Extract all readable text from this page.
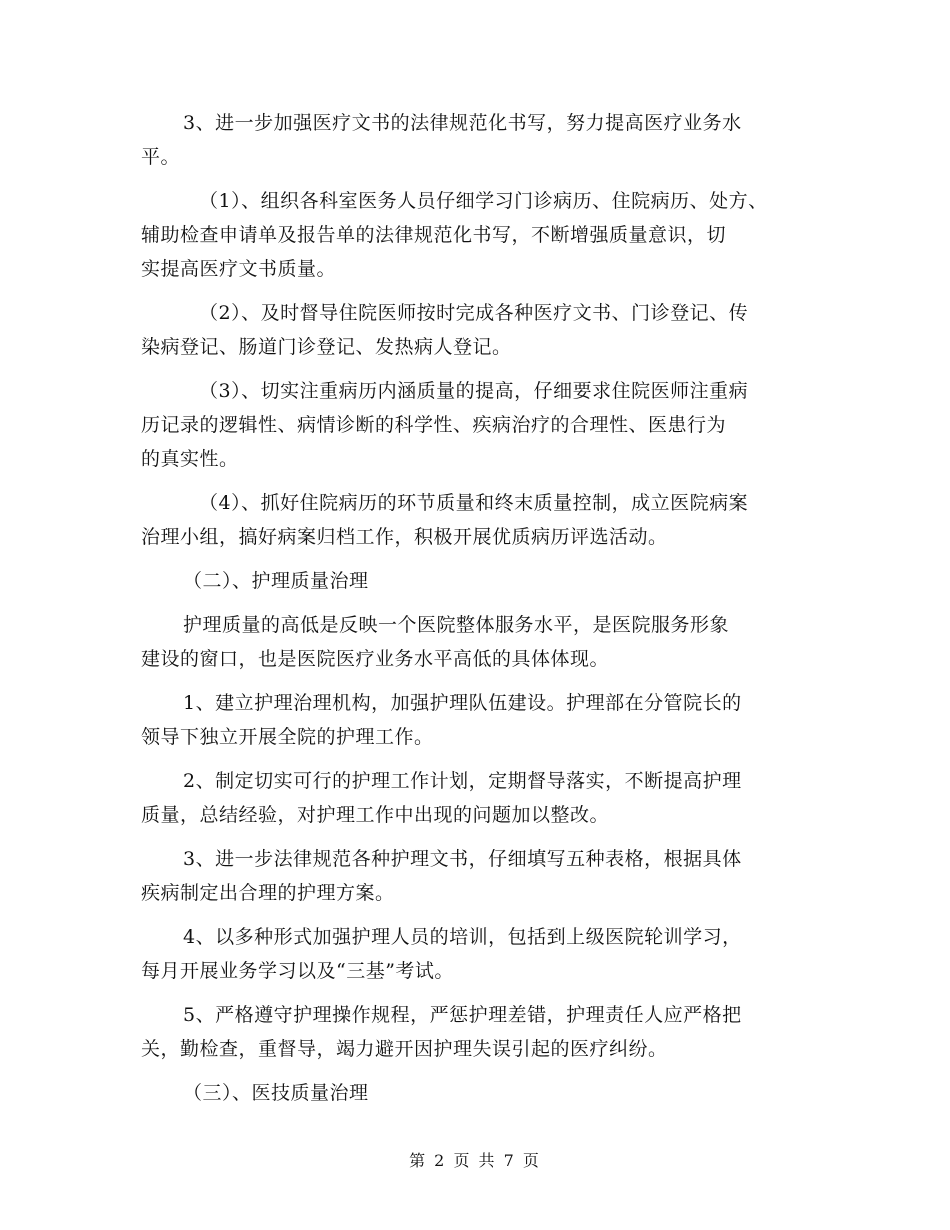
3、进一步加强医疗文书的法律规范化书写，努力提高医疗业务水
平。

（1）、组织各科室医务人员仔细学习门诊病历、住院病历、处方、
辅助检查申请单及报告单的法律规范化书写，不断增强质量意识，切
实提高医疗文书质量。

（2）、及时督导住院医师按时完成各种医疗文书、门诊登记、传
染病登记、肠道门诊登记、发热病人登记。

（3）、切实注重病历内涵质量的提高，仔细要求住院医师注重病
历记录的逻辑性、病情诊断的科学性、疾病治疗的合理性、医患行为
的真实性。

（4）、抓好住院病历的环节质量和终末质量控制，成立医院病案
治理小组，搞好病案归档工作，积极开展优质病历评选活动。

（二）、护理质量治理

护理质量的高低是反映一个医院整体服务水平，是医院服务形象
建设的窗口，也是医院医疗业务水平高低的具体体现。

1、建立护理治理机构，加强护理队伍建设。护理部在分管院长的
领导下独立开展全院的护理工作。

2、制定切实可行的护理工作计划，定期督导落实，不断提高护理
质量，总结经验，对护理工作中出现的问题加以整改。

3、进一步法律规范各种护理文书，仔细填写五种表格，根据具体
疾病制定出合理的护理方案。

4、以多种形式加强护理人员的培训，包括到上级医院轮训学习，
每月开展业务学习以及“三基”考试。

5、严格遵守护理操作规程，严惩护理差错，护理责任人应严格把
关，勤检查，重督导，竭力避开因护理失误引起的医疗纠纷。

（三）、医技质量治理

第 2 页 共 7 页
